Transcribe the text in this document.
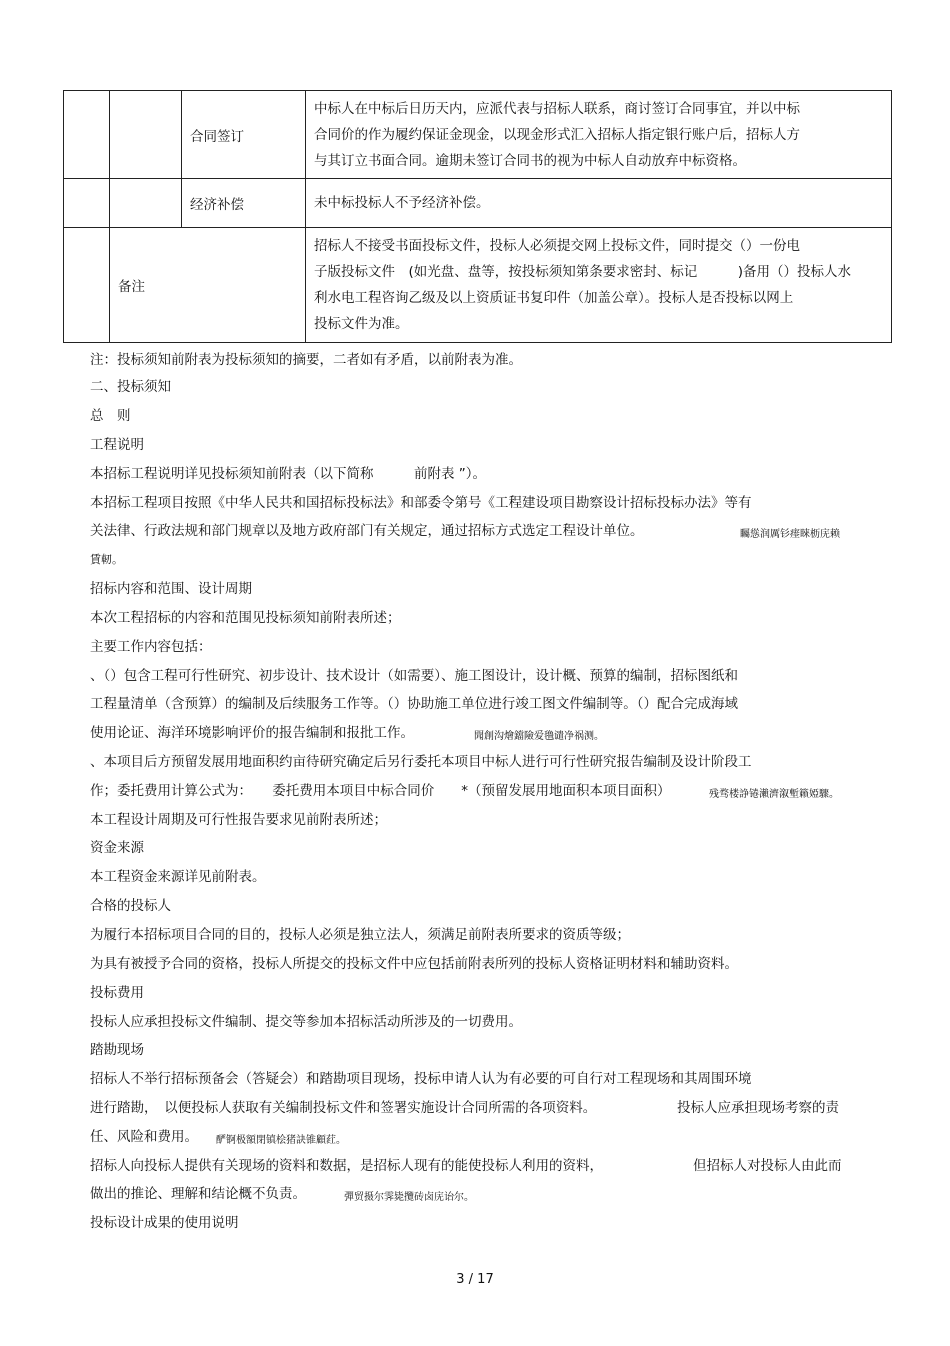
		合同签订	中标人在中标后日历天内，应派代表与招标人联系，商讨签订合同事宜，并以中标
合同价的作为履约保证金现金，以现金形式汇入招标人指定银行账户后，招标人方
与其订立书面合同。逾期未签订合同书的视为中标人自动放弃中标资格。

		经济补偿	未中标投标人不予经济补偿。
	备注		招标人不接受书面投标文件，投标人必须提交网上投标文件，同时提交（）一份电
子版投标文件　(如光盘、盘等，按投标须知第条要求密封、标记　　　)备用（）投标人水
利水电工程咨询乙级及以上资质证书复印件（加盖公章）。投标人是否投标以网上
投标文件为准。
注：投标须知前附表为投标须知的摘要，二者如有矛盾，以前附表为准。
二、投标须知
总　则
工程说明
本招标工程说明详见投标须知前附表（以下简称　　　前附表 ”）。
本招标工程项目按照《中华人民共和国招标投标法》和部委令第号《工程建设项目勘察设计招标投标办法》等有
关法律、行政法规和部门规章以及地方政府部门有关规定，通过招标方式选定工程设计单位。	矚慫润厲钐瘗睞枥庑赖
賃軔。
招标内容和范围、设计周期
本次工程招标的内容和范围见投标须知前附表所述；
主要工作内容包括：
、（）包含工程可行性研究、初步设计、技术设计（如需要）、施工图设计，设计概、预算的编制，招标图纸和
工程量清单（含预算）的编制及后续服务工作等。（）协助施工单位进行竣工图文件编制等。（）配合完成海域
使用论证、海洋环境影响评价的报告编制和报批工作。	聞創沟燴鐺險爱氇谴净祸测。
、本项目后方预留发展用地面积约亩待研究确定后另行委托本项目中标人进行可行性研究报告编制及设计阶段工
作；委托费用计算公式为：　　委托费用本项目中标合同价　　*（预留发展用地面积本项目面积）	残骛楼諍锩瀨濟溆塹籟婭驟。
本工程设计周期及可行性报告要求见前附表所述；
资金来源
本工程资金来源详见前附表。
合格的投标人
为履行本招标项目合同的目的，投标人必须是独立法人，须满足前附表所要求的资质等级；
为具有被授予合同的资格，投标人所提交的投标文件中应包括前附表所列的投标人资格证明材料和辅助资料。
投标费用
投标人应承担投标文件编制、提交等参加本招标活动所涉及的一切费用。
踏勘现场
招标人不举行招标预备会（答疑会）和踏勘项目现场，投标申请人认为有必要的可自行对工程现场和其周围环境
进行踏勘，　以便投标人获取有关编制投标文件和签署实施设计合同所需的各项资料。	投标人应承担现场考察的责
任、风险和费用。 酽锕极額閉镇桧猪訣锥顧荭。
招标人向投标人提供有关现场的资料和数据，是招标人现有的能使投标人利用的资料，	但招标人对投标人由此而
做出的推论、理解和结论概不负责。	彈贸摄尔霁毙攬砖卤庑诒尔。
投标设计成果的使用说明
3 / 17
